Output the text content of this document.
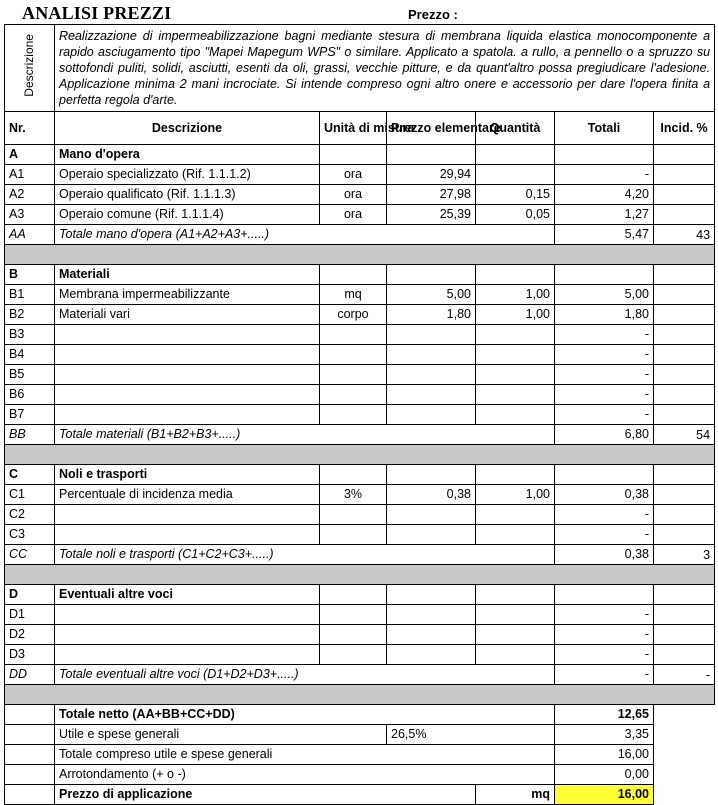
ANALISI PREZZI	Prezzo :
Descrizione	Realizzazione di impermeabilizzazione bagni mediante stesura di membrana liquida elastica monocomponente a rapido asciugamento tipo "Mapei Mapegum WPS" o similare. Applicato a spatola. a rullo, a pennello o a spruzzo su sottofondi puliti, solidi, asciutti, esenti da oli, grassi, vecchie pitture, e da quant'altro possa pregiudicare l'adesione. Applicazione minima 2 mani incrociate. Si intende compreso ogni altro onere e accessorio per dare l'opera finita a perfetta regola d'arte.					
Nr.	Descrizione	Unità di misura	Prezzo elementare	Quantità	Totali	Incid. %
A	Mano d'opera					
A1	Operaio specializzato (Rif. 1.1.1.2)	ora	29,94		-	
A2	Operaio qualificato (Rif. 1.1.1.3)	ora	27,98	0,15	4,20	
A3	Operaio comune (Rif. 1.1.1.4)	ora	25,39	0,05	1,27	
AA	Totale mano d'opera (A1+A2+A3+.....)				5,47	43

B	Materiali					
B1	Membrana impermeabilizzante	mq	5,00	1,00	5,00	
B2	Materiali vari	corpo	1,80	1,00	1,80	
B3					-	
B4					-	
B5					-	
B6					-	
B7					-	
BB	Totale materiali (B1+B2+B3+.....)				6,80	54

C	Noli e trasporti					
C1	Percentuale di incidenza media	3%	0,38	1,00	0,38	
C2					-	
C3					-	
CC	Totale noli e trasporti (C1+C2+C3+.....)				0,38	3

D	Eventuali altre voci					
D1					-	
D2					-	
D3					-	
DD	Totale eventuali altre voci (D1+D2+D3+.....)				-	-

	Totale netto (AA+BB+CC+DD)				12,65	
	Utile e spese generali		26,5%		3,35	
	Totale compreso utile e spese generali				16,00	
	Arrotondamento (+ o -)				0,00	
	Prezzo di applicazione			mq	16,00	
